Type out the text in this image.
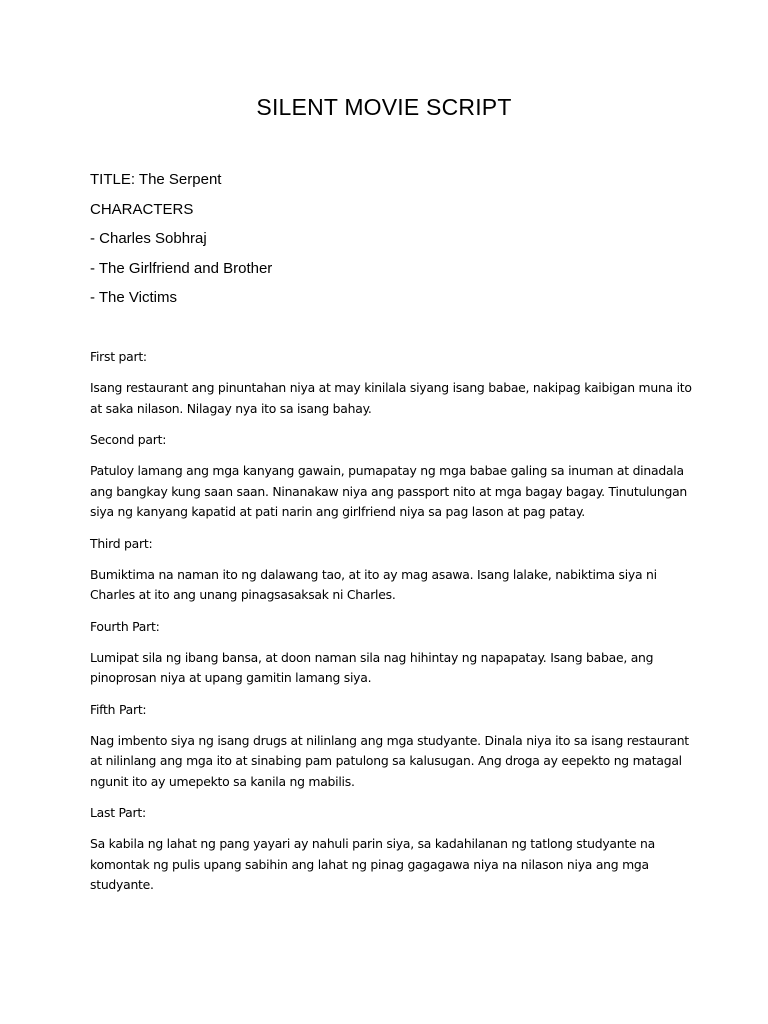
SILENT MOVIE SCRIPT
TITLE: The Serpent
CHARACTERS
- Charles Sobhraj
- The Girlfriend and Brother
- The Victims
First part:
Isang restaurant ang pinuntahan niya at may kinilala siyang isang babae, nakipag kaibigan muna ito at saka nilason. Nilagay nya ito sa isang bahay.
Second part:
Patuloy lamang ang mga kanyang gawain, pumapatay ng mga babae galing sa inuman at dinadala ang bangkay kung saan saan. Ninanakaw niya ang passport nito at mga bagay bagay. Tinutulungan siya ng kanyang kapatid at pati narin ang girlfriend niya sa pag lason at pag patay.
Third part:
Bumiktima na naman ito ng dalawang tao, at ito ay mag asawa. Isang lalake, nabiktima siya ni Charles at ito ang unang pinagsasaksak ni Charles.
Fourth Part:
Lumipat sila ng ibang bansa, at doon naman sila nag hihintay ng napapatay. Isang babae, ang pinoprosan niya at upang gamitin lamang siya.
Fifth Part:
Nag imbento siya ng isang drugs at nilinlang ang mga studyante. Dinala niya ito sa isang restaurant at nilinlang ang mga ito at sinabing pam patulong sa kalusugan. Ang droga ay eepekto ng matagal ngunit ito ay umepekto sa kanila ng mabilis.
Last Part:
Sa kabila ng lahat ng pang yayari ay nahuli parin siya, sa kadahilanan ng tatlong studyante na komontak ng pulis upang sabihin ang lahat ng pinag gagagawa niya na nilason niya ang mga studyante.
